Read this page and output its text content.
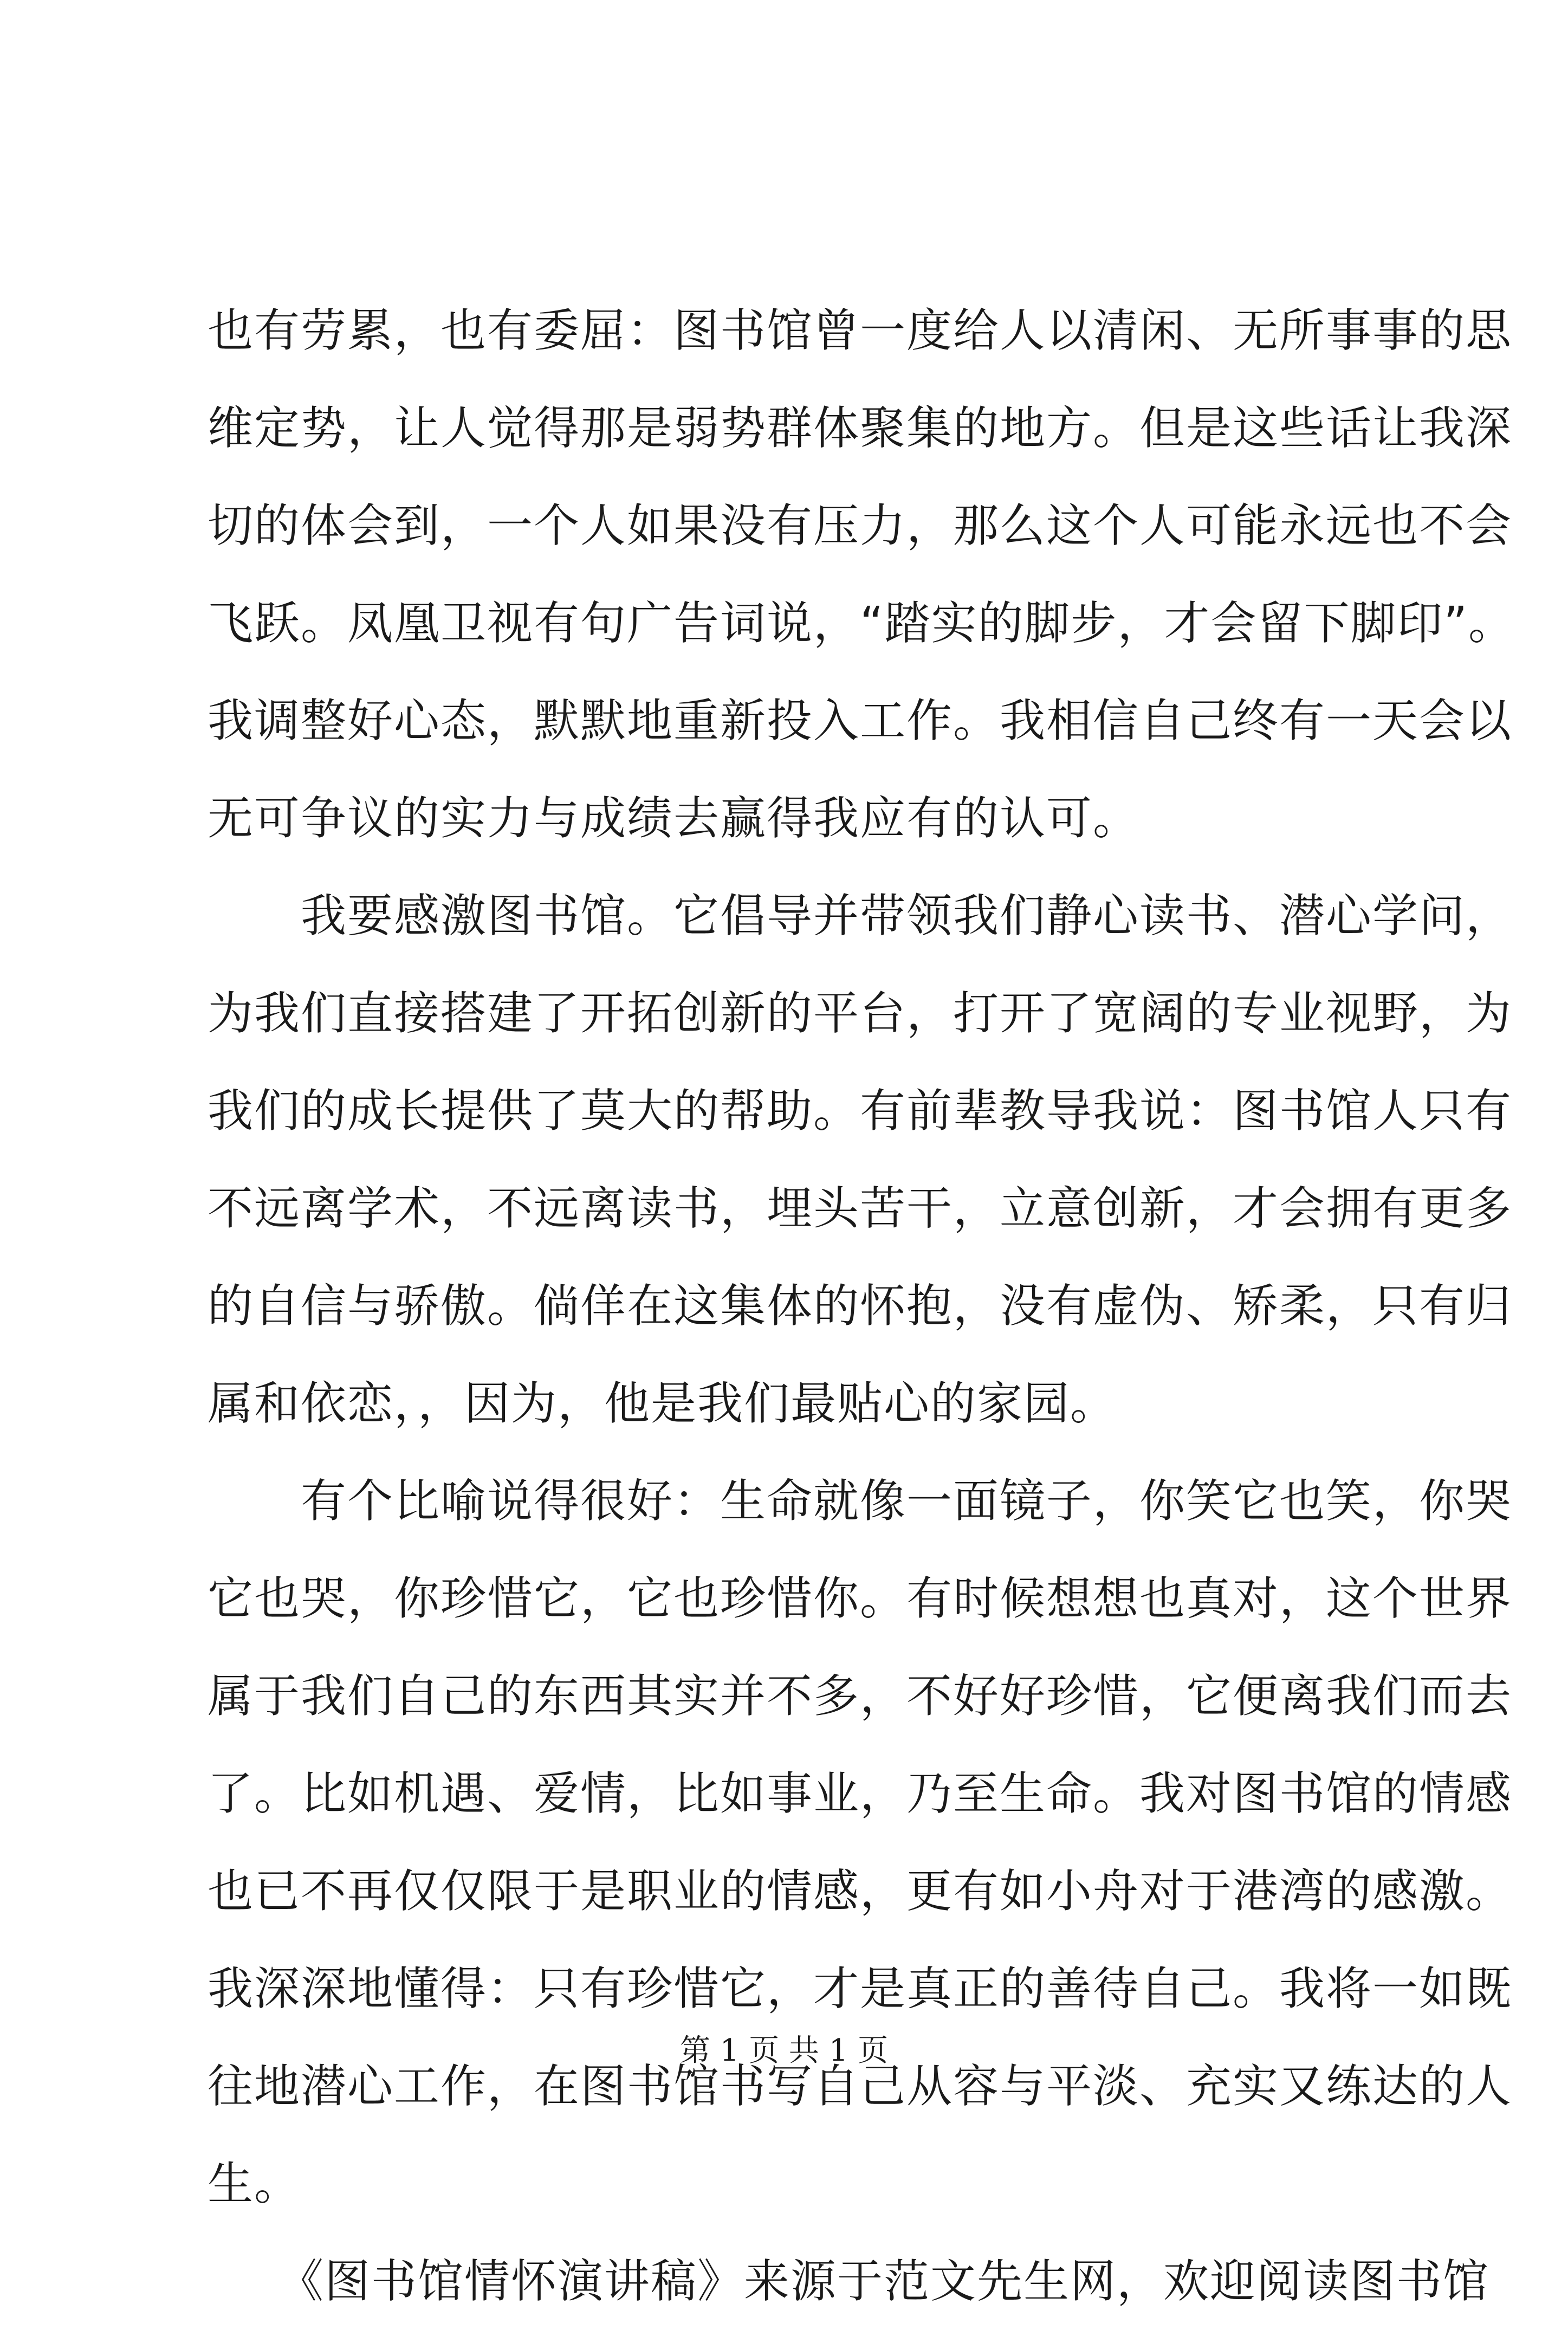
也有劳累，也有委屈：图书馆曾一度给人以清闲、无所事事的思
维定势，让人觉得那是弱势群体聚集的地方。但是这些话让我深
切的体会到，一个人如果没有压力，那么这个人可能永远也不会
飞跃。凤凰卫视有句广告词说，“踏实的脚步，才会留下脚印”。
我调整好心态，默默地重新投入工作。我相信自己终有一天会以
无可争议的实力与成绩去赢得我应有的认可。
　　我要感激图书馆。它倡导并带领我们静心读书、潜心学问，
为我们直接搭建了开拓创新的平台，打开了宽阔的专业视野，为
我们的成长提供了莫大的帮助。有前辈教导我说：图书馆人只有
不远离学术，不远离读书，埋头苦干，立意创新，才会拥有更多
的自信与骄傲。倘佯在这集体的怀抱，没有虚伪、矫柔，只有归
属和依恋，，因为，他是我们最贴心的家园。
　　有个比喻说得很好：生命就像一面镜子，你笑它也笑，你哭
它也哭，你珍惜它，它也珍惜你。有时候想想也真对，这个世界
属于我们自己的东西其实并不多，不好好珍惜，它便离我们而去
了。比如机遇、爱情，比如事业，乃至生命。我对图书馆的情感
也已不再仅仅限于是职业的情感，更有如小舟对于港湾的感激。
我深深地懂得：只有珍惜它，才是真正的善待自己。我将一如既
往地潜心工作，在图书馆书写自己从容与平淡、充实又练达的人
生。
　　《图书馆情怀演讲稿》来源于范文先生网，欢迎阅读图书馆
第 1 页 共 1 页
